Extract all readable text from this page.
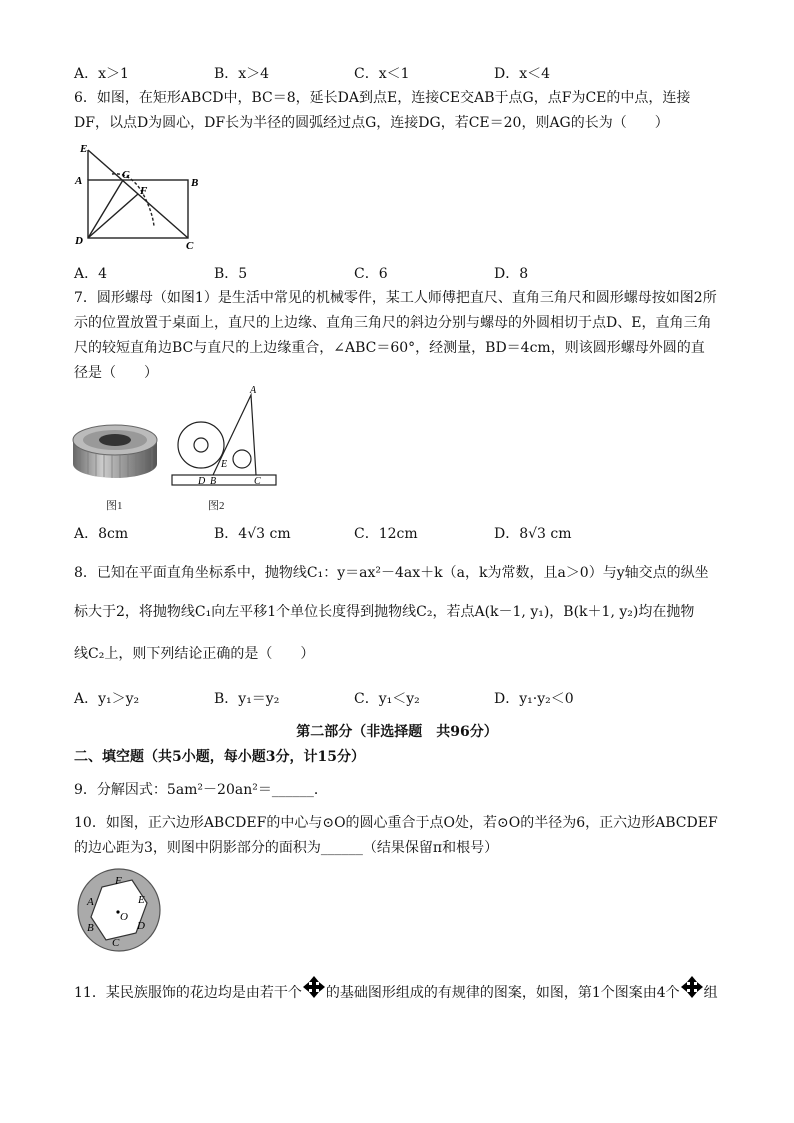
A．x＞1	B．x＞4	C．x＜1	D．x＜4
6．如图，在矩形ABCD中，BC＝8，延长DA到点E，连接CE交AB于点G，点F为CE的中点，连接
DF，以点D为圆心，DF长为半径的圆弧经过点G，连接DG，若CE＝20，则AG的长为（　　）
E
A	G
F
B
D	C
A．4	B．5	C．6	D．8
7．圆形螺母（如图1）是生活中常见的机械零件，某工人师傅把直尺、直角三角尺和圆形螺母按如图2所
示的位置放置于桌面上，直尺的上边缘、直角三角尺的斜边分别与螺母的外圆相切于点D、E，直角三角
尺的较短直角边BC与直尺的上边缘重合，∠ABC＝60°，经测量，BD＝4cm，则该圆形螺母外圆的直
径是（　　）
图1
A
E
D B	C
图2
A．8cm	B．4√3 cm	C．12cm	D．8√3 cm
8．已知在平面直角坐标系中，抛物线C₁：y＝ax²－4ax＋k（a，k为常数，且a＞0）与y轴交点的纵坐
标大于2，将抛物线C₁向左平移1个单位长度得到抛物线C₂，若点A(k－1, y₁)，B(k＋1, y₂)均在抛物
线C₂上，则下列结论正确的是（　　）
A．y₁＞y₂	B．y₁＝y₂	C．y₁＜y₂	D．y₁·y₂＜0
第二部分（非选择题　共96分）
二、填空题（共5小题，每小题3分，计15分）
9．分解因式：5am²－20an²＝______．
10．如图，正六边形ABCDEF的中心与⊙O的圆心重合于点O处，若⊙O的半径为6，正六边形ABCDEF
的边心距为3，则图中阴影部分的面积为______（结果保留π和根号）
F
A	E
O
B	D
C
11．某民族服饰的花边均是由若干个 的基础图形组成的有规律的图案，如图，第1个图案由4个 组
